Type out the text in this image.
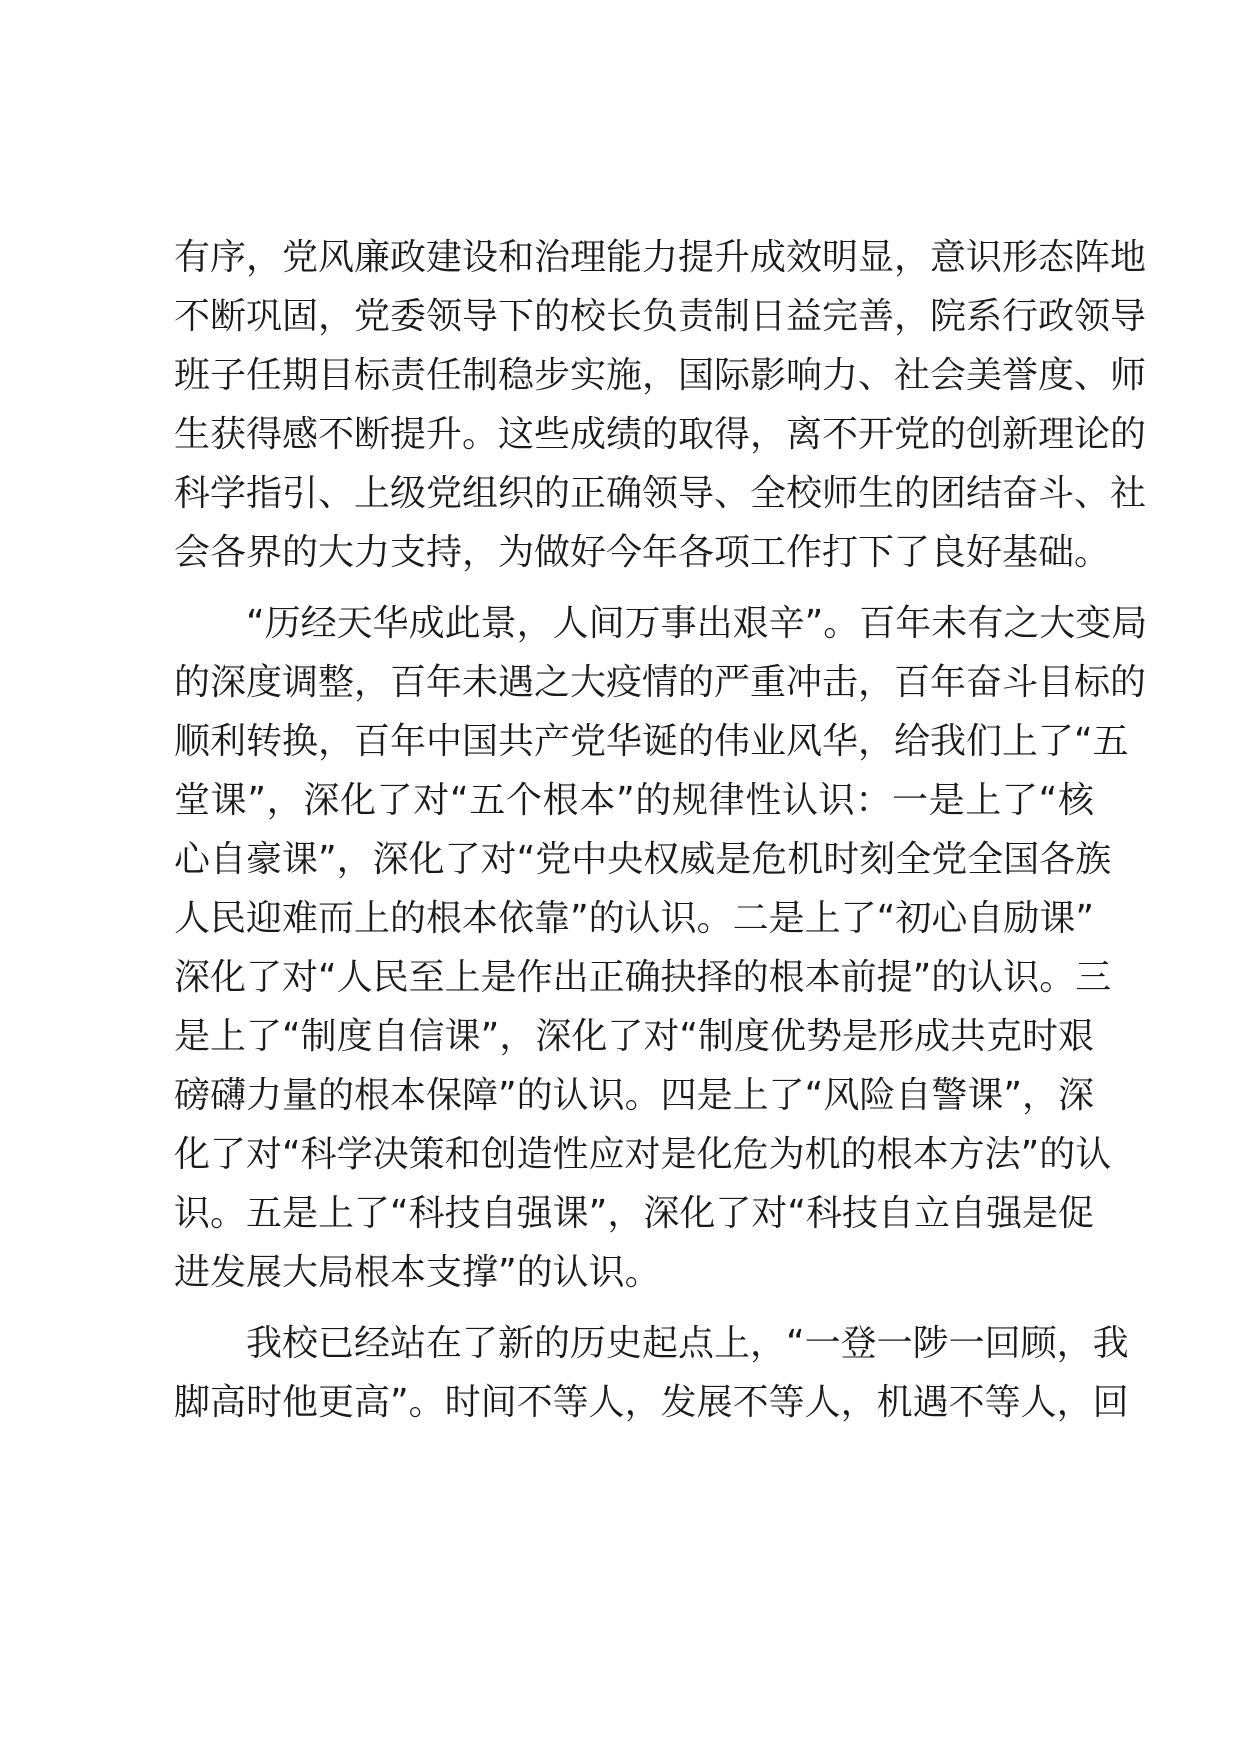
有序，党风廉政建设和治理能力提升成效明显，意识形态阵地
不断巩固，党委领导下的校长负责制日益完善，院系行政领导
班子任期目标责任制稳步实施，国际影响力、社会美誉度、师
生获得感不断提升。这些成绩的取得，离不开党的创新理论的
科学指引、上级党组织的正确领导、全校师生的团结奋斗、社
会各界的大力支持，为做好今年各项工作打下了良好基础。
　　“历经天华成此景，人间万事出艰辛”。百年未有之大变局
的深度调整，百年未遇之大疫情的严重冲击，百年奋斗目标的
顺利转换，百年中国共产党华诞的伟业风华，给我们上了“五
堂课”，深化了对“五个根本”的规律性认识：一是上了“核
心自豪课”，深化了对“党中央权威是危机时刻全党全国各族
人民迎难而上的根本依靠”的认识。二是上了“初心自励课”
深化了对“人民至上是作出正确抉择的根本前提”的认识。三
是上了“制度自信课”，深化了对“制度优势是形成共克时艰
磅礴力量的根本保障”的认识。四是上了“风险自警课”，深
化了对“科学决策和创造性应对是化危为机的根本方法”的认
识。五是上了“科技自强课”，深化了对“科技自立自强是促
进发展大局根本支撑”的认识。
　　我校已经站在了新的历史起点上，“一登一陟一回顾，我
脚高时他更高”。时间不等人，发展不等人，机遇不等人，回
